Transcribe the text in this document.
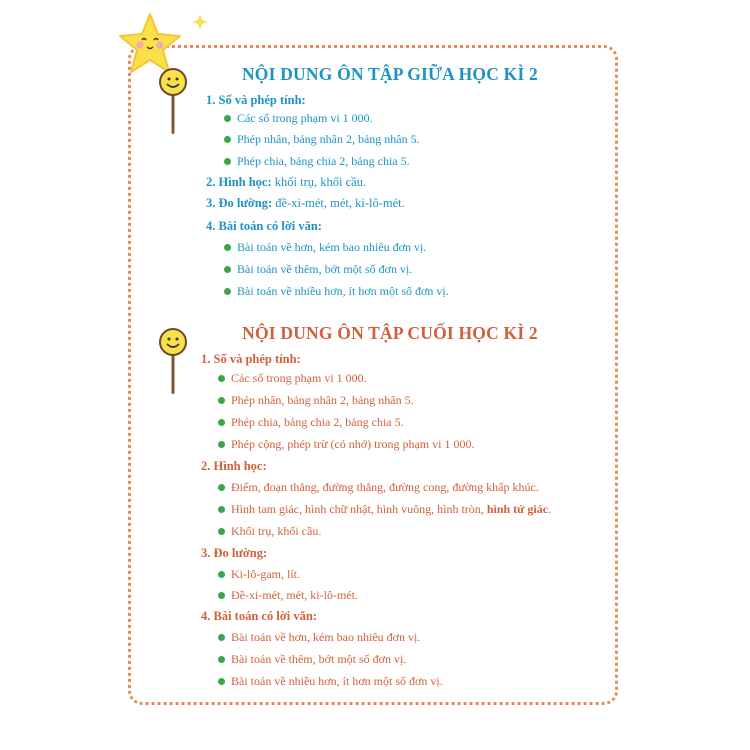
NỘI DUNG ÔN TẬP GIỮA HỌC KÌ 2
1. Số và phép tính:
Các số trong phạm vi 1 000.
Phép nhân, bảng nhân 2, bảng nhân 5.
Phép chia, bảng chia 2, bảng chia 5.
2. Hình học: khối trụ, khối cầu.
3. Đo lường: đề-xi-mét, mét, ki-lô-mét.
4. Bài toán có lời văn:
Bài toán về hơn, kém bao nhiêu đơn vị.
Bài toán về thêm, bớt một số đơn vị.
Bài toán về nhiều hơn, ít hơn một số đơn vị.
NỘI DUNG ÔN TẬP CUỐI HỌC KÌ 2
1. Số và phép tính:
Các số trong phạm vi 1 000.
Phép nhân, bảng nhân 2, bảng nhân 5.
Phép chia, bảng chia 2, bảng chia 5.
Phép cộng, phép trừ (có nhớ) trong phạm vi 1 000.
2. Hình học:
Điểm, đoạn thẳng, đường thẳng, đường cong, đường khấp khúc.
Hình tam giác, hình chữ nhật, hình vuông, hình tròn, hình tứ giác.
Khối trụ, khối cầu.
3. Đo lường:
Ki-lô-gam, lít.
Đề-xi-mét, mét, ki-lô-mét.
4. Bài toán có lời văn:
Bài toán về hơn, kém bao nhiêu đơn vị.
Bài toán về thêm, bớt một số đơn vị.
Bài toán về nhiều hơn, ít hơn một số đơn vị.
